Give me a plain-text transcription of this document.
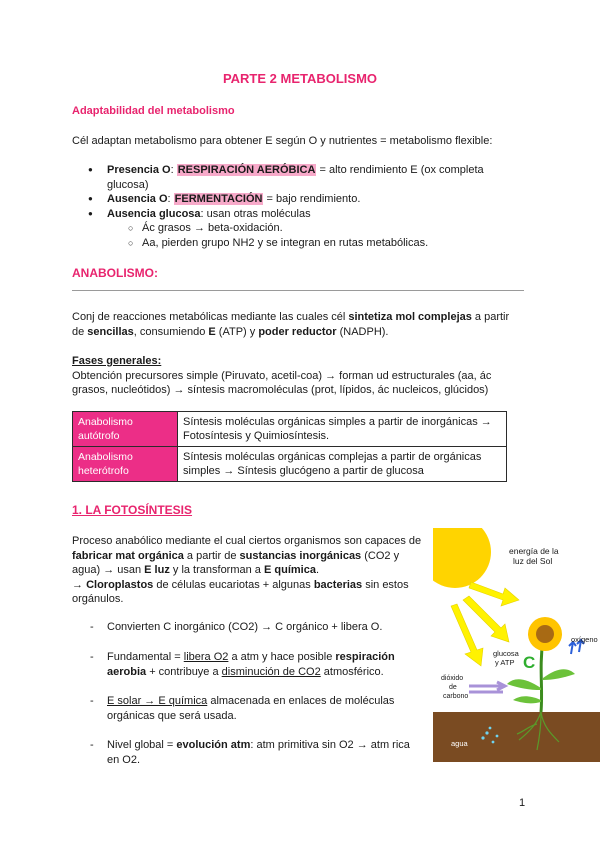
PARTE 2 METABOLISMO
Adaptabilidad del metabolismo
Cél adaptan metabolismo para obtener E según O y nutrientes = metabolismo flexible:
● Presencia O: RESPIRACIÓN AERÓBICA = alto rendimiento E (ox completa
glucosa)
● Ausencia O: FERMENTACIÓN = bajo rendimiento.
● Ausencia glucosa: usan otras moléculas
○ Ác grasos → beta-oxidación.
○ Aa, pierden grupo NH2 y se integran en rutas metabólicas.
ANABOLISMO:
Conj de reacciones metabólicas mediante las cuales cél sintetiza mol complejas a partir
de sencillas, consumiendo E (ATP) y poder reductor (NADPH).
Fases generales:
Obtención precursores simple (Piruvato, acetil-coa) → forman ud estructurales (aa, ác
grasos, nucleótidos) → síntesis macromoléculas (prot, lípidos, ác nucleicos, glúcidos)
Anabolismo
autótrofo	Síntesis moléculas orgánicas simples a partir de inorgánicas →
Fotosíntesis y Quimiosíntesis.
Anabolismo
heterótrofo	Síntesis moléculas orgánicas complejas a partir de orgánicas
simples → Síntesis glucógeno a partir de glucosa
1. LA FOTOSÍNTESIS
Proceso anabólico mediante el cual ciertos organismos son capaces de
fabricar mat orgánica a partir de sustancias inorgánicas (CO2 y
agua) → usan E luz y la transforman a E química.
→ Cloroplastos de células eucariotas + algunas bacterias sin estos
orgánulos.
- Convierten C inorgánico (CO2) → C orgánico + libera O.
- Fundamental = libera O2 a atm y hace posible respiración
aerobia + contribuye a disminución de CO2 atmosférico.
- E solar → E química almacenada en enlaces de moléculas
orgánicas que será usada.
- Nivel global = evolución atm: atm primitiva sin O2 → atm rica
en O2.
C
energía de la
luz del Sol
oxígeno
glucosa
y ATP
dióxido
de
carbono
agua
1
